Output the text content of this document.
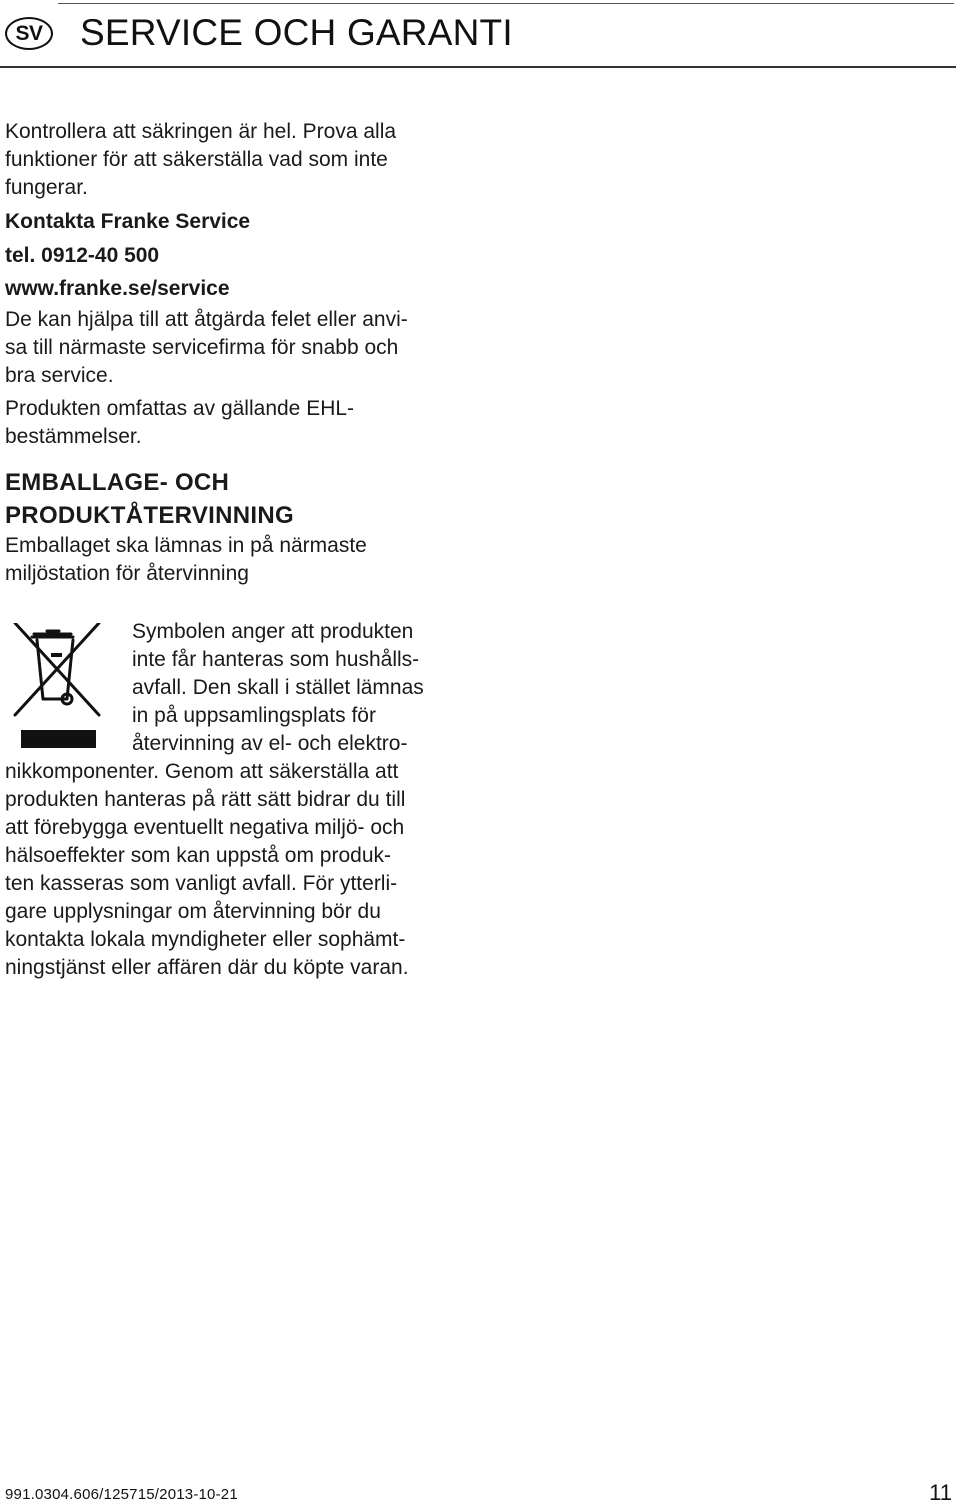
SV SERVICE OCH GARANTI

Kontrollera att säkringen är hel. Prova alla

funktioner för att säkerställa vad som inte

fungerar.

Kontakta Franke Service

tel. 0912-40 500

www.franke.se/service

De kan hjälpa till att åtgärda felet eller anvi-

sa till närmaste servicefirma för snabb och

bra service.

Produkten omfattas av gällande EHL-

bestämmelser.

EMBALLAGE- OCH
PRODUKTÅTERVINNING

Emballaget ska lämnas in på närmaste

miljöstation för återvinning

Symbolen anger att produkten

inte får hanteras som hushålls-

avfall. Den skall i stället lämnas

in på uppsamlingsplats för

återvinning av el- och elektro-

nikkomponenter. Genom att säkerställa att

produkten hanteras på rätt sätt bidrar du till

att förebygga eventuellt negativa miljö- och

hälsoeffekter som kan uppstå om produk-

ten kasseras som vanligt avfall. För ytterli-

gare upplysningar om återvinning bör du

kontakta lokala myndigheter eller sophämt-

ningstjänst eller affären där du köpte varan.

991.0304.606/125715/2013-10-21	11
